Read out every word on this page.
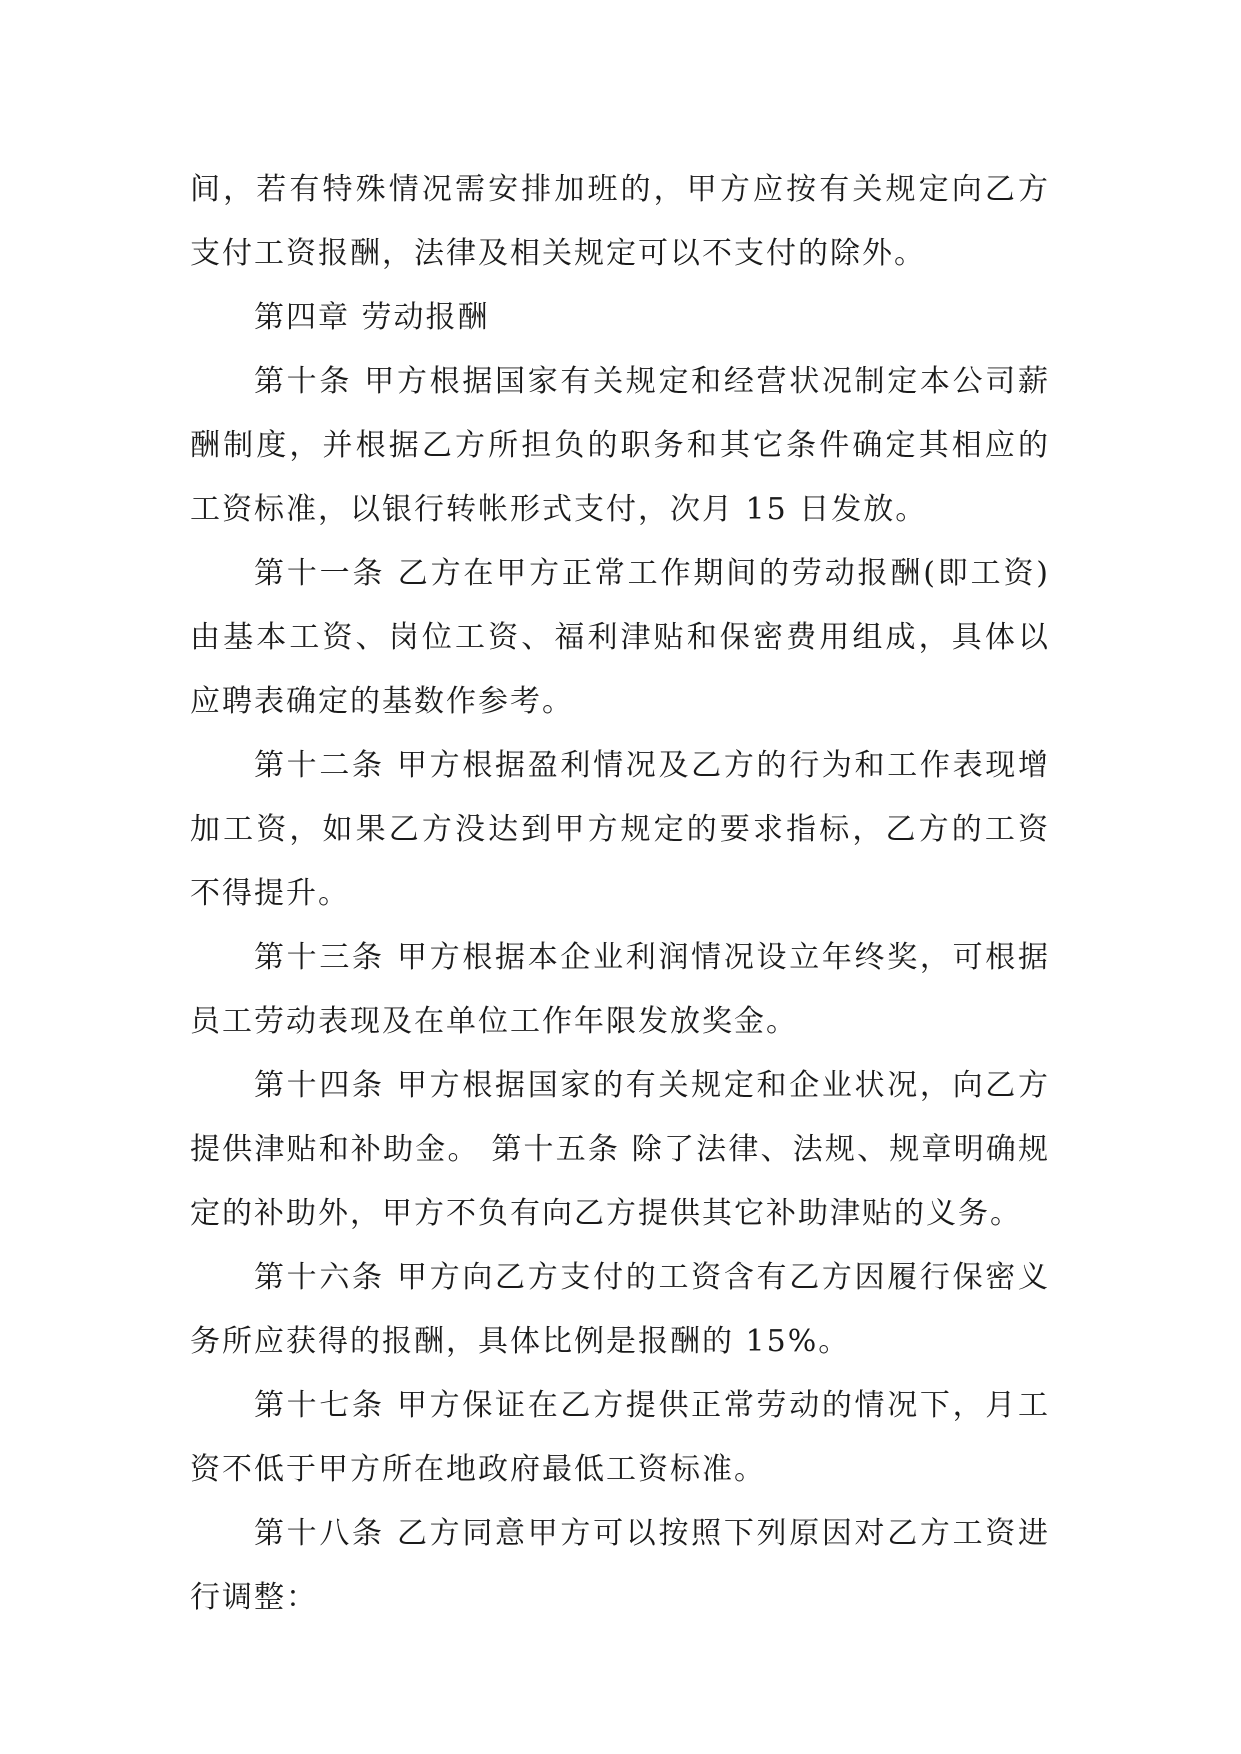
间，若有特殊情况需安排加班的，甲方应按有关规定向乙方支付工资报酬，法律及相关规定可以不支付的除外。

第四章 劳动报酬

第十条 甲方根据国家有关规定和经营状况制定本公司薪酬制度，并根据乙方所担负的职务和其它条件确定其相应的工资标准，以银行转帐形式支付，次月 15 日发放。

第十一条 乙方在甲方正常工作期间的劳动报酬(即工资)由基本工资、岗位工资、福利津贴和保密费用组成，具体以应聘表确定的基数作参考。

第十二条 甲方根据盈利情况及乙方的行为和工作表现增加工资，如果乙方没达到甲方规定的要求指标，乙方的工资不得提升。

第十三条 甲方根据本企业利润情况设立年终奖，可根据员工劳动表现及在单位工作年限发放奖金。

第十四条 甲方根据国家的有关规定和企业状况，向乙方提供津贴和补助金。 第十五条 除了法律、法规、规章明确规定的补助外，甲方不负有向乙方提供其它补助津贴的义务。

第十六条 甲方向乙方支付的工资含有乙方因履行保密义务所应获得的报酬，具体比例是报酬的 15%。

第十七条 甲方保证在乙方提供正常劳动的情况下，月工资不低于甲方所在地政府最低工资标准。

第十八条 乙方同意甲方可以按照下列原因对乙方工资进行调整：
